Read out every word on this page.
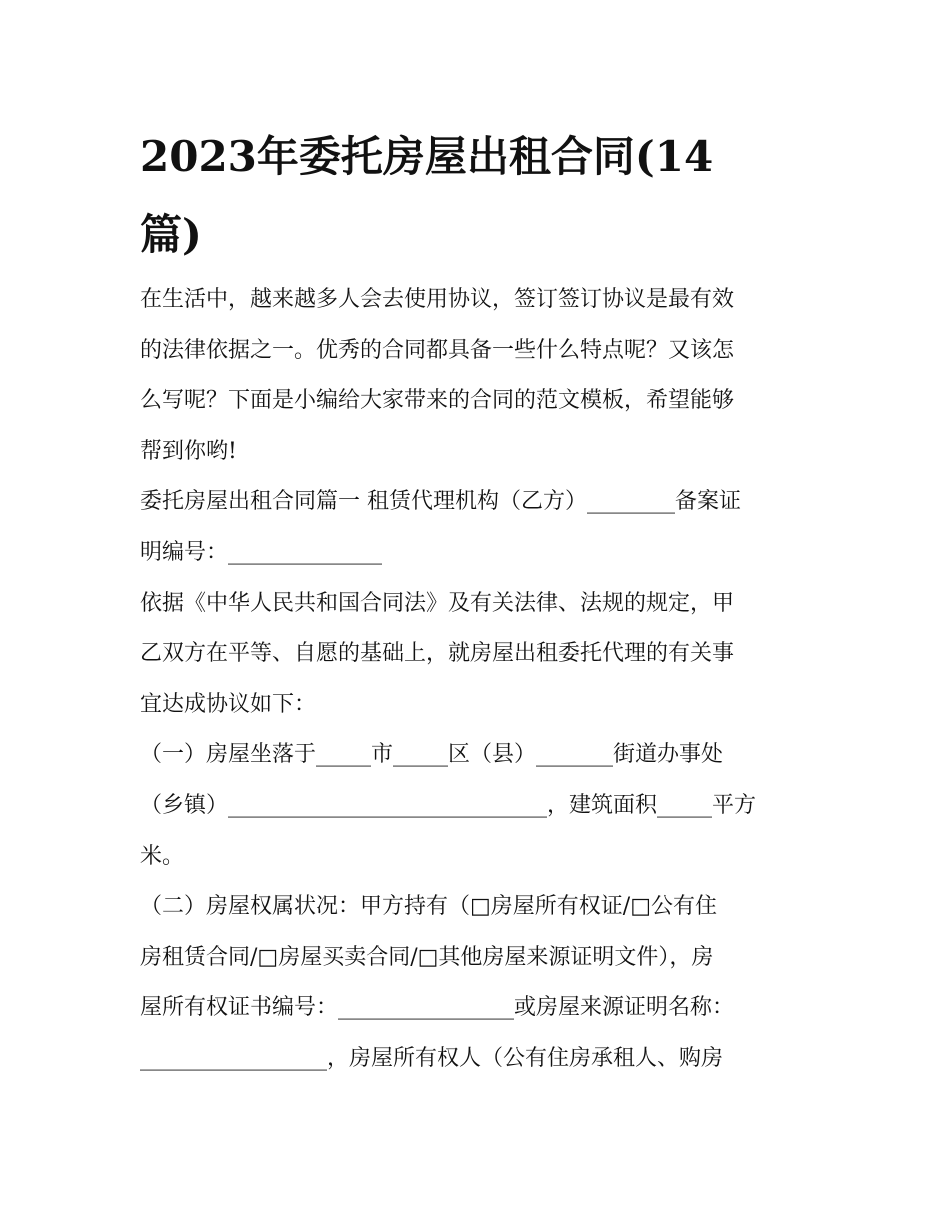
2023年委托房屋出租合同(14
篇)
在生活中，越来越多人会去使用协议，签订签订协议是最有效
的法律依据之一。优秀的合同都具备一些什么特点呢？又该怎
么写呢？下面是小编给大家带来的合同的范文模板，希望能够
帮到你哟!
委托房屋出租合同篇一 租赁代理机构（乙方）________备案证
明编号：______________
依据《中华人民共和国合同法》及有关法律、法规的规定，甲
乙双方在平等、自愿的基础上，就房屋出租委托代理的有关事
宜达成协议如下：
（一）房屋坐落于_____市_____区（县）_______街道办事处
（乡镇）_____________________________，建筑面积_____平方
米。
（二）房屋权属状况：甲方持有（□房屋所有权证/□公有住
房租赁合同/□房屋买卖合同/□其他房屋来源证明文件），房
屋所有权证书编号：________________或房屋来源证明名称：
_________________，房屋所有权人（公有住房承租人、购房
